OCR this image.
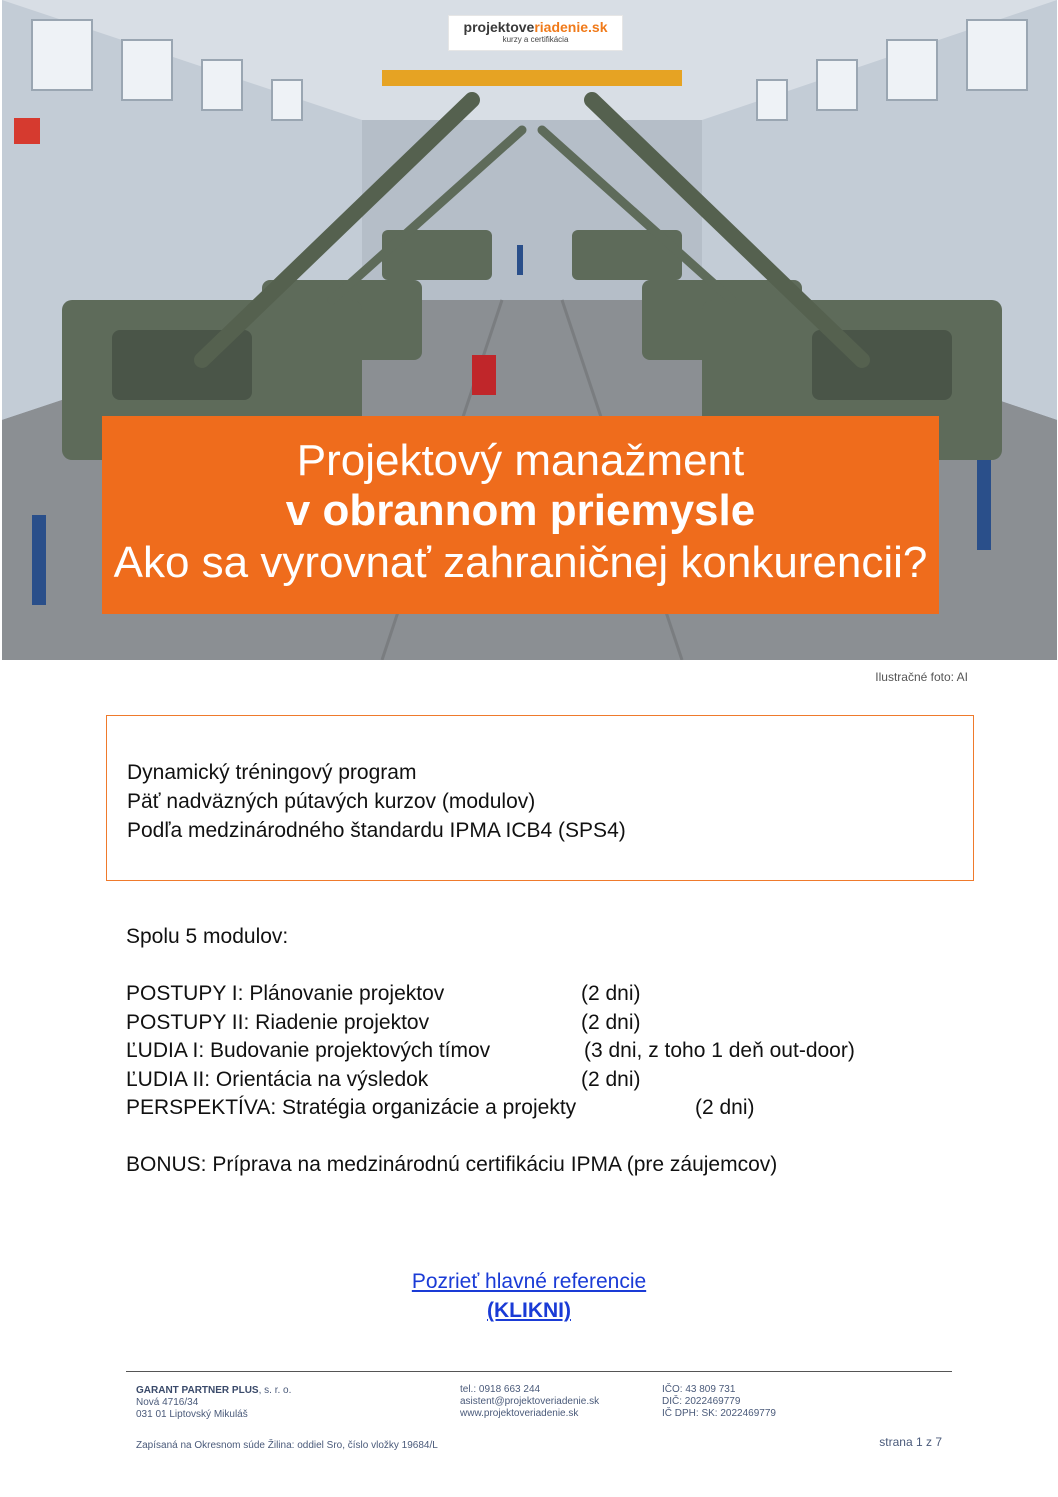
projektoveriadenie.sk
kurzy a certifikácia
Projektový manažment
v obrannom priemysle
Ako sa vyrovnať zahraničnej konkurencii?
Ilustračné foto: AI
Dynamický tréningový program
Päť nadväzných pútavých kurzov (modulov)
Podľa medzinárodného štandardu IPMA ICB4 (SPS4)
Spolu 5 modulov:
POSTUPY I: Plánovanie projektov	(2 dni)
POSTUPY II: Riadenie projektov	(2 dni)
ĽUDIA I: Budovanie projektových tímov	(3 dni, z toho 1 deň out-door)
ĽUDIA II: Orientácia na výsledok	(2 dni)
PERSPEKTÍVA: Stratégia organizácie a projekty	(2 dni)
BONUS: Príprava na medzinárodnú certifikáciu IPMA (pre záujemcov)
Pozrieť hlavné referencie
(KLIKNI)
GARANT PARTNER PLUS, s. r. o.
Nová 4716/34
031 01 Liptovský Mikuláš
tel.: 0918 663 244
asistent@projektoveriadenie.sk
www.projektoveriadenie.sk
IČO: 43 809 731
DIČ: 2022469779
IČ DPH: SK: 2022469779
Zapísaná na Okresnom súde Žilina: oddiel Sro, číslo vložky 19684/L	strana 1 z 7
